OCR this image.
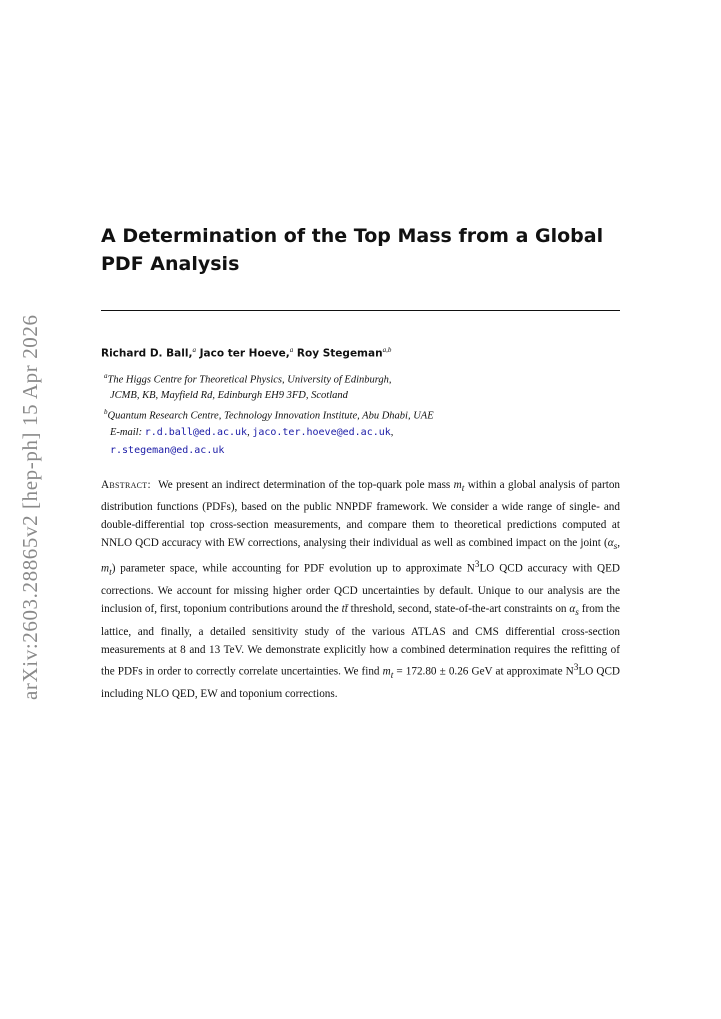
arXiv:2603.28865v2 [hep-ph] 15 Apr 2026
A Determination of the Top Mass from a Global PDF Analysis
Richard D. Ball,$^a$ Jaco ter Hoeve,$^a$ Roy Stegeman$^{a,b}$
$^a$The Higgs Centre for Theoretical Physics, University of Edinburgh,
JCMB, KB, Mayfield Rd, Edinburgh EH9 3FD, Scotland
$^b$Quantum Research Centre, Technology Innovation Institute, Abu Dhabi, UAE
E-mail: r.d.ball@ed.ac.uk, jaco.ter.hoeve@ed.ac.uk,
r.stegeman@ed.ac.uk

Abstract: We present an indirect determination of the top-quark pole mass $m_t$ within a global analysis of parton distribution functions (PDFs), based on the public NNPDF framework. We consider a wide range of single- and double-differential top cross-section measurements, and compare them to theoretical predictions computed at NNLO QCD accuracy with EW corrections, analysing their individual as well as combined impact on the joint ($\alpha_s$, $m_t$) parameter space, while accounting for PDF evolution up to approximate $N^3LO$ QCD accuracy with QED corrections. We account for missing higher order QCD uncertainties by default. Unique to our analysis are the inclusion of, first, toponium contributions around the tt̄ threshold, second, state-of-the-art constraints on $\alpha_s$ from the lattice, and finally, a detailed sensitivity study of the various ATLAS and CMS differential cross-section measurements at 8 and 13 TeV. We demonstrate explicitly how a combined determination requires the refitting of the PDFs in order to correctly correlate uncertainties. We find $m_t = 172.80 \pm 0.26$ GeV at approximate $N^3LO$ QCD including NLO QED, EW and toponium corrections.
